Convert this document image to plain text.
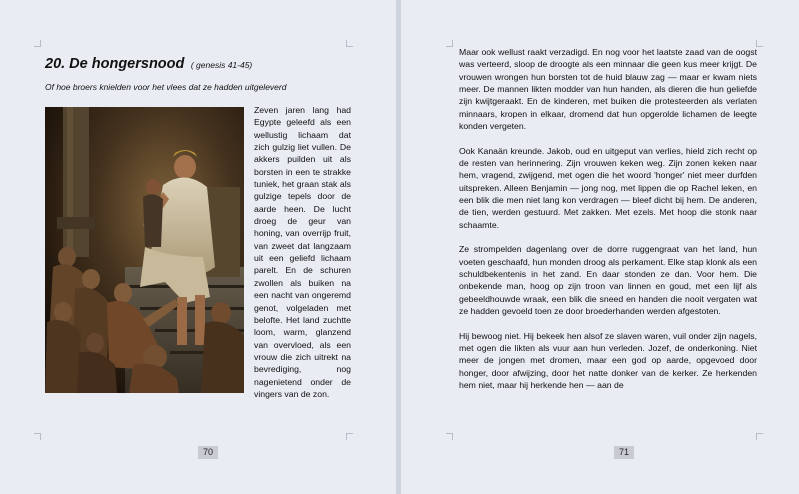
20. De hongersnood ( genesis 41-45)
Of hoe broers knielden voor het vlees dat ze hadden uitgeleverd
Zeven jaren lang had Egypte geleefd als een wellustig lichaam dat zich gulzig liet vullen. De akkers puilden uit als borsten in een te strakke tuniek, het graan stak als gulzige tepels door de aarde heen. De lucht droeg de geur van honing, van overrijp fruit, van zweet dat langzaam uit een geliefd lichaam parelt. En de schuren zwollen als buiken na een nacht van ongeremd genot, volgeladen met belofte. Het land zuchtte loom, warm, glanzend van overvloed, als een vrouw die zich uitrekt na bevrediging, nog nagenietend onder de vingers van de zon.
70	71

Maar ook wellust raakt verzadigd. En nog voor het laatste zaad van de oogst was verteerd, sloop de droogte als een minnaar die geen kus meer krijgt. De vrouwen wrongen hun borsten tot de huid blauw zag — maar er kwam niets meer. De mannen likten modder van hun handen, als dieren die hun geliefde zijn kwijtgeraakt. En de kinderen, met buiken die protesteerden als verlaten minnaars, kropen in elkaar, dromend dat hun opgerolde lichamen de leegte konden vergeten.

Ook Kanaän kreunde. Jakob, oud en uitgeput van verlies, hield zich recht op de resten van herinnering. Zijn vrouwen keken weg. Zijn zonen keken naar hem, vragend, zwijgend, met ogen die het woord 'honger' niet meer durfden uitspreken. Alleen Benjamin — jong nog, met lippen die op Rachel leken, en een blik die men niet lang kon verdragen — bleef dicht bij hem. De anderen, de tien, werden gestuurd. Met zakken. Met ezels. Met hoop die stonk naar schaamte.

Ze strompelden dagenlang over de dorre ruggengraat van het land, hun voeten geschaafd, hun monden droog als perkament. Elke stap klonk als een schuldbekentenis in het zand. En daar stonden ze dan. Voor hem. Die onbekende man, hoog op zijn troon van linnen en goud, met een lijf als gebeeldhouwde wraak, een blik die sneed en handen die nooit vergaten wat ze hadden gevoeld toen ze door broederhanden werden afgestoten.

Hij bewoog niet. Hij bekeek hen alsof ze slaven waren, vuil onder zijn nagels, met ogen die likten als vuur aan hun verleden. Jozef, de onderkoning. Niet meer de jongen met dromen, maar een god op aarde, opgevoed door honger, door afwijzing, door het natte donker van de kerker. Ze herkenden hem niet, maar hij herkende hen — aan de
